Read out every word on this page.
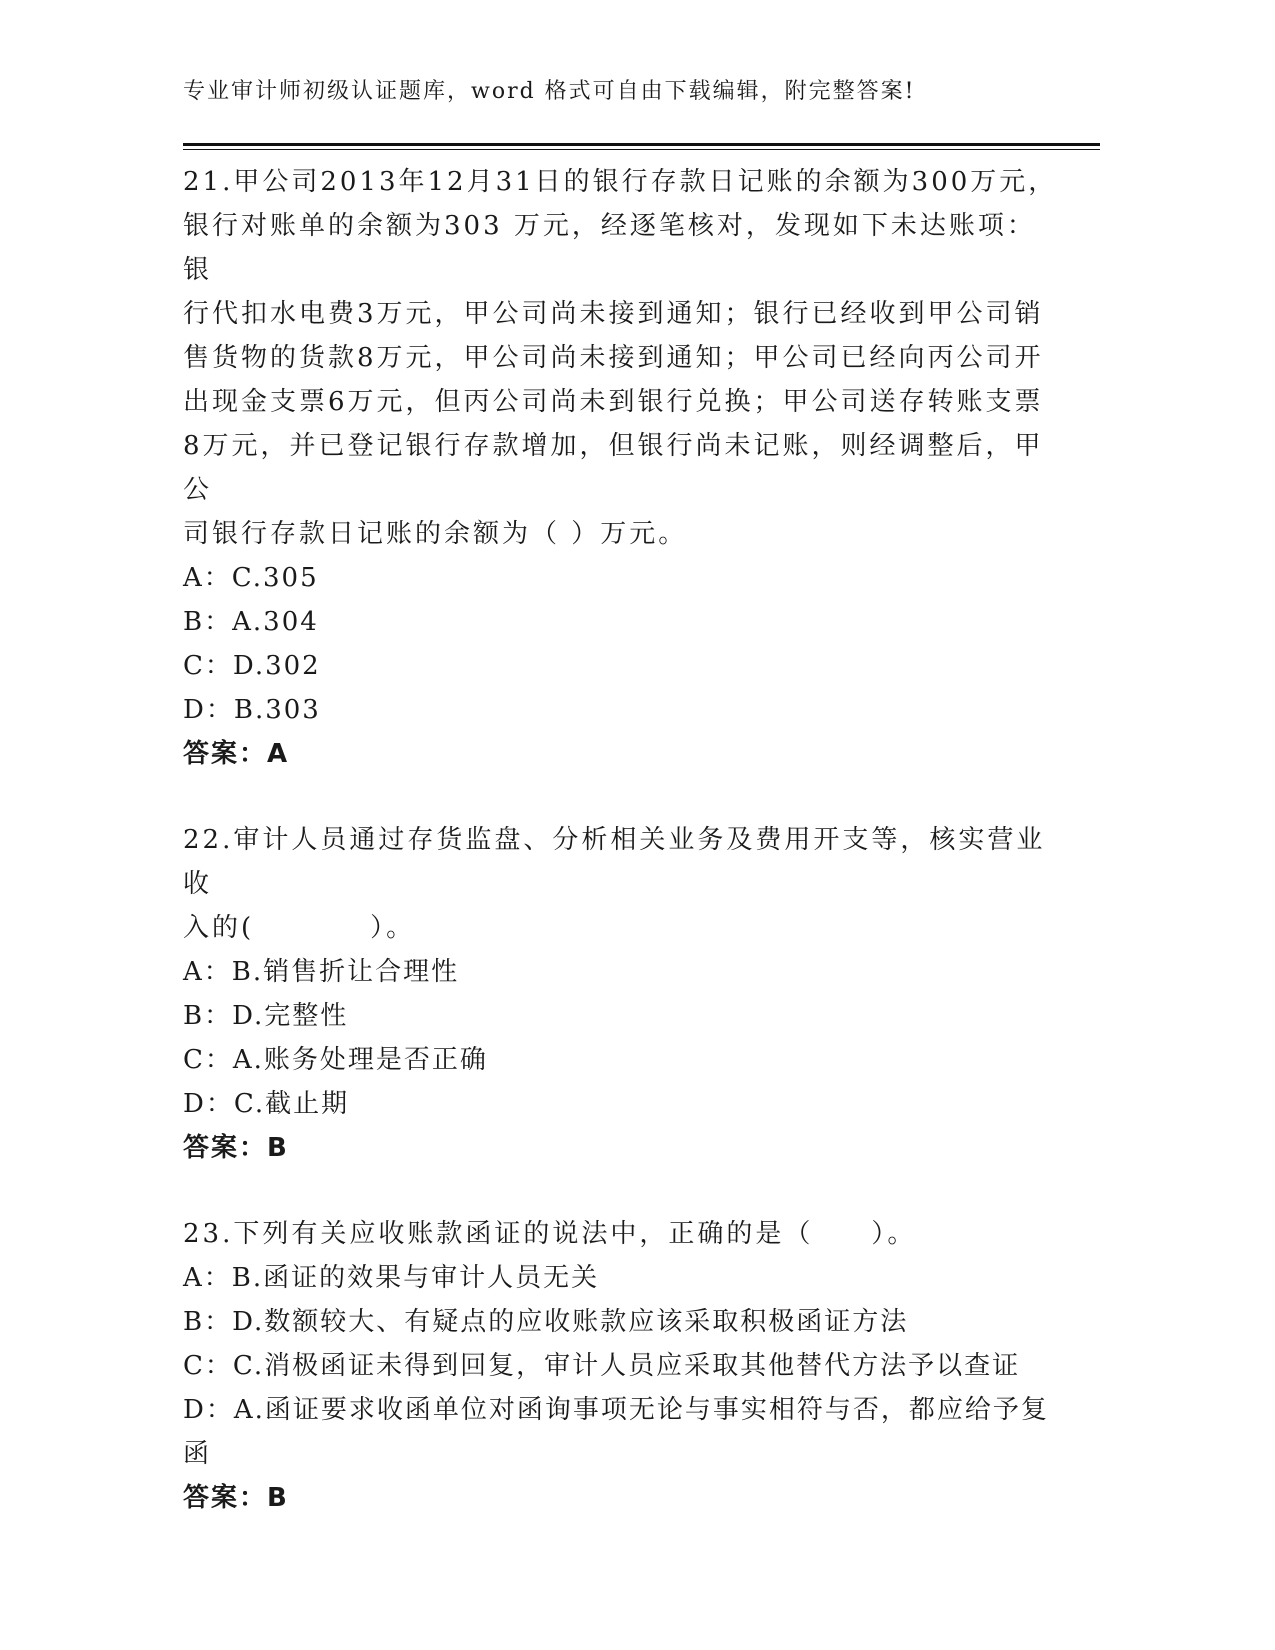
专业审计师初级认证题库，word 格式可自由下载编辑，附完整答案!
21.甲公司2013年12月31日的银行存款日记账的余额为300万元，
银行对账单的余额为303 万元，经逐笔核对，发现如下未达账项：银
行代扣水电费3万元，甲公司尚未接到通知；银行已经收到甲公司销
售货物的货款8万元，甲公司尚未接到通知；甲公司已经向丙公司开
出现金支票6万元，但丙公司尚未到银行兑换；甲公司送存转账支票
8万元，并已登记银行存款增加，但银行尚未记账，则经调整后，甲公
司银行存款日记账的余额为（ ）万元。
A：C.305
B：A.304
C：D.302
D：B.303
答案：A
22.审计人员通过存货监盘、分析相关业务及费用开支等，核实营业收
入的(　　　　）。
A：B.销售折让合理性
B：D.完整性
C：A.账务处理是否正确
D：C.截止期
答案：B
23.下列有关应收账款函证的说法中，正确的是（　　）。
A：B.函证的效果与审计人员无关
B：D.数额较大、有疑点的应收账款应该采取积极函证方法
C：C.消极函证未得到回复，审计人员应采取其他替代方法予以查证
D：A.函证要求收函单位对函询事项无论与事实相符与否，都应给予复
函
答案：B
